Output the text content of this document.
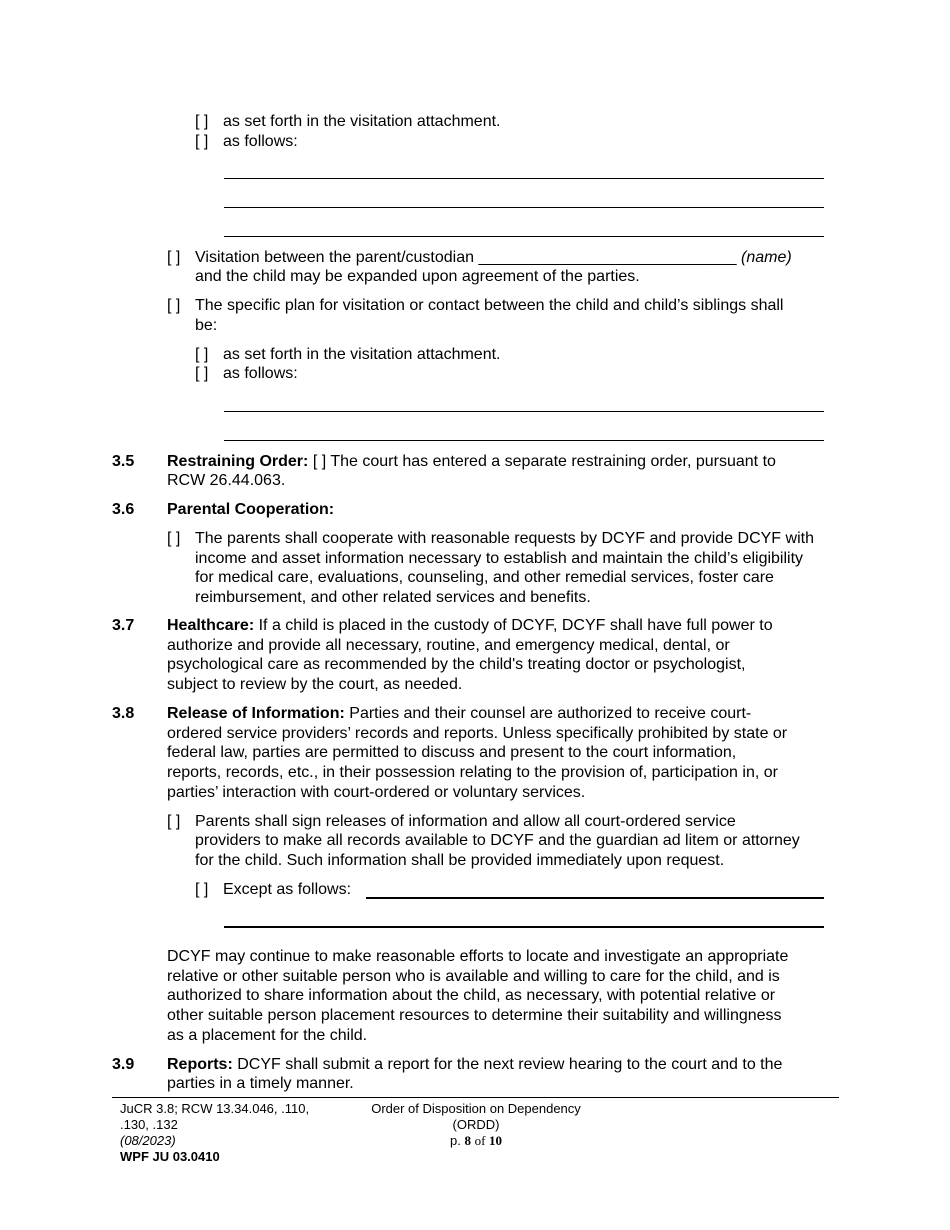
[ ] as set forth in the visitation attachment.
[ ] as follows:
[ ] Visitation between the parent/custodian _____________________________ (name)
and the child may be expanded upon agreement of the parties.
[ ] The specific plan for visitation or contact between the child and child’s siblings shall
be:
[ ] as set forth in the visitation attachment.
[ ] as follows:
3.5 Restraining Order: [ ] The court has entered a separate restraining order, pursuant to
RCW 26.44.063.
3.6 Parental Cooperation:
[ ] The parents shall cooperate with reasonable requests by DCYF and provide DCYF with
income and asset information necessary to establish and maintain the child’s eligibility
for medical care, evaluations, counseling, and other remedial services, foster care
reimbursement, and other related services and benefits.
3.7 Healthcare: If a child is placed in the custody of DCYF, DCYF shall have full power to
authorize and provide all necessary, routine, and emergency medical, dental, or
psychological care as recommended by the child's treating doctor or psychologist,
subject to review by the court, as needed.
3.8 Release of Information: Parties and their counsel are authorized to receive court-
ordered service providers’ records and reports. Unless specifically prohibited by state or
federal law, parties are permitted to discuss and present to the court information,
reports, records, etc., in their possession relating to the provision of, participation in, or
parties’ interaction with court-ordered or voluntary services.
[ ] Parents shall sign releases of information and allow all court-ordered service
providers to make all records available to DCYF and the guardian ad litem or attorney
for the child. Such information shall be provided immediately upon request.
[ ] Except as follows:
DCYF may continue to make reasonable efforts to locate and investigate an appropriate
relative or other suitable person who is available and willing to care for the child, and is
authorized to share information about the child, as necessary, with potential relative or
other suitable person placement resources to determine their suitability and willingness
as a placement for the child.
3.9 Reports: DCYF shall submit a report for the next review hearing to the court and to the
parties in a timely manner.
JuCR 3.8; RCW 13.34.046, .110,
.130, .132
(08/2023)
WPF JU 03.0410
Order of Disposition on Dependency
(ORDD)
p. 8 of 10
